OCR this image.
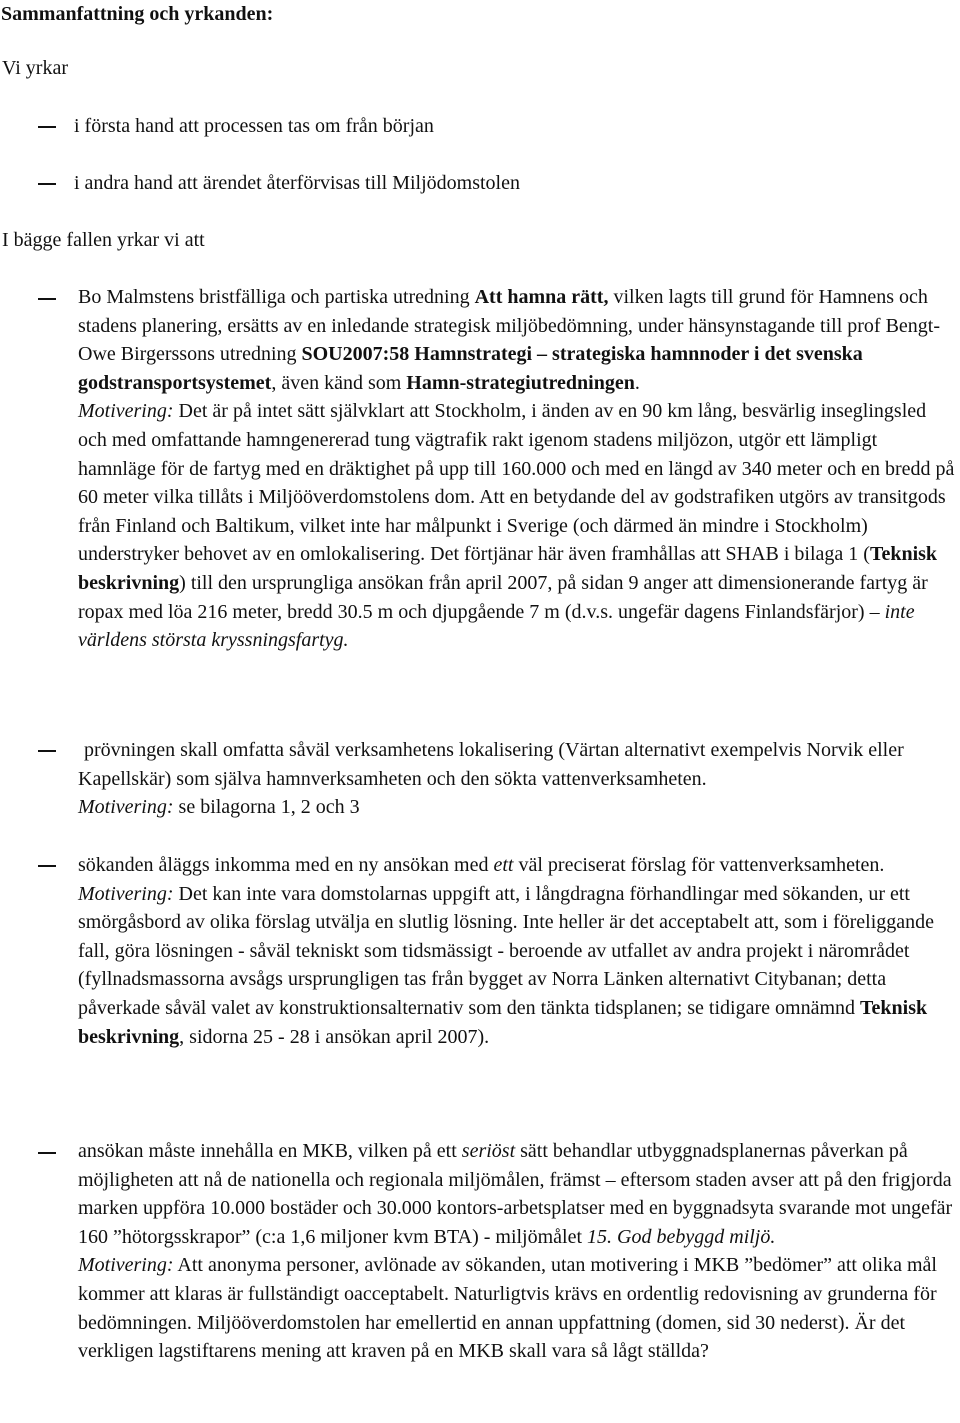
Sammanfattning och yrkanden:
Vi yrkar
i första hand att processen tas om från början
i andra hand att ärendet återförvisas till Miljödomstolen
I bägge fallen yrkar vi att

Bo Malmstens bristfälliga och partiska utredning Att hamna rätt, vilken lagts till grund för Hamnens och stadens planering, ersätts av en inledande strategisk miljöbedömning, under hänsynstagande till prof Bengt-Owe Birgerssons utredning SOU2007:58 Hamnstrategi – strategiska hamnnoder i det svenska godstransportsystemet, även känd som Hamn-strategiutredningen.

Motivering: Det är på intet sätt självklart att Stockholm, i änden av en 90 km lång, besvärlig inseglingsled och med omfattande hamngenererad tung vägtrafik rakt igenom stadens miljözon, utgör ett lämpligt hamnläge för de fartyg med en dräktighet på upp till 160.000 och med en längd av 340 meter och en bredd på 60 meter vilka tillåts i Miljööverdomstolens dom. Att en betydande del av godstrafiken utgörs av transitgods från Finland och Baltikum, vilket inte har målpunkt i Sverige (och därmed än mindre i Stockholm) understryker behovet av en omlokalisering. Det förtjänar här även framhållas att SHAB i bilaga 1 (Teknisk beskrivning) till den ursprungliga ansökan från april 2007, på sidan 9 anger att dimensionerande fartyg är ropax med löa 216 meter, bredd 30.5 m och djupgående 7 m (d.v.s. ungefär dagens Finlandsfärjor) – inte världens största kryssningsfartyg.

prövningen skall omfatta såväl verksamhetens lokalisering (Värtan alternativt exempelvis Norvik eller Kapellskär) som själva hamnverksamheten och den sökta vattenverksamheten.

Motivering: se bilagorna 1, 2 och 3

sökanden åläggs inkomma med en ny ansökan med ett väl preciserat förslag för vattenverksamheten.

Motivering: Det kan inte vara domstolarnas uppgift att, i långdragna förhandlingar med sökanden, ur ett smörgåsbord av olika förslag utvälja en slutlig lösning. Inte heller är det acceptabelt att, som i föreliggande fall, göra lösningen - såväl tekniskt som tidsmässigt - beroende av utfallet av andra projekt i närområdet (fyllnadsmassorna avsågs ursprungligen tas från bygget av Norra Länken alternativt Citybanan; detta påverkade såväl valet av konstruktionsalternativ som den tänkta tidsplanen; se tidigare omnämnd Teknisk beskrivning, sidorna 25 - 28 i ansökan april 2007).

ansökan måste innehålla en MKB, vilken på ett seriöst sätt behandlar utbyggnadsplanernas påverkan på möjligheten att nå de nationella och regionala miljömålen, främst – eftersom staden avser att på den frigjorda marken uppföra 10.000 bostäder och 30.000 kontors-arbetsplatser med en byggnadsyta svarande mot ungefär 160 ”hötorgsskrapor” (c:a 1,6 miljoner kvm BTA) - miljömålet 15. God bebyggd miljö.

Motivering: Att anonyma personer, avlönade av sökanden, utan motivering i MKB ”bedömer” att olika mål kommer att klaras är fullständigt oacceptabelt. Naturligtvis krävs en ordentlig redovisning av grunderna för bedömningen. Miljööverdomstolen har emellertid en annan uppfattning (domen, sid 30 nederst). Är det verkligen lagstiftarens mening att kraven på en MKB skall vara så lågt ställda?
